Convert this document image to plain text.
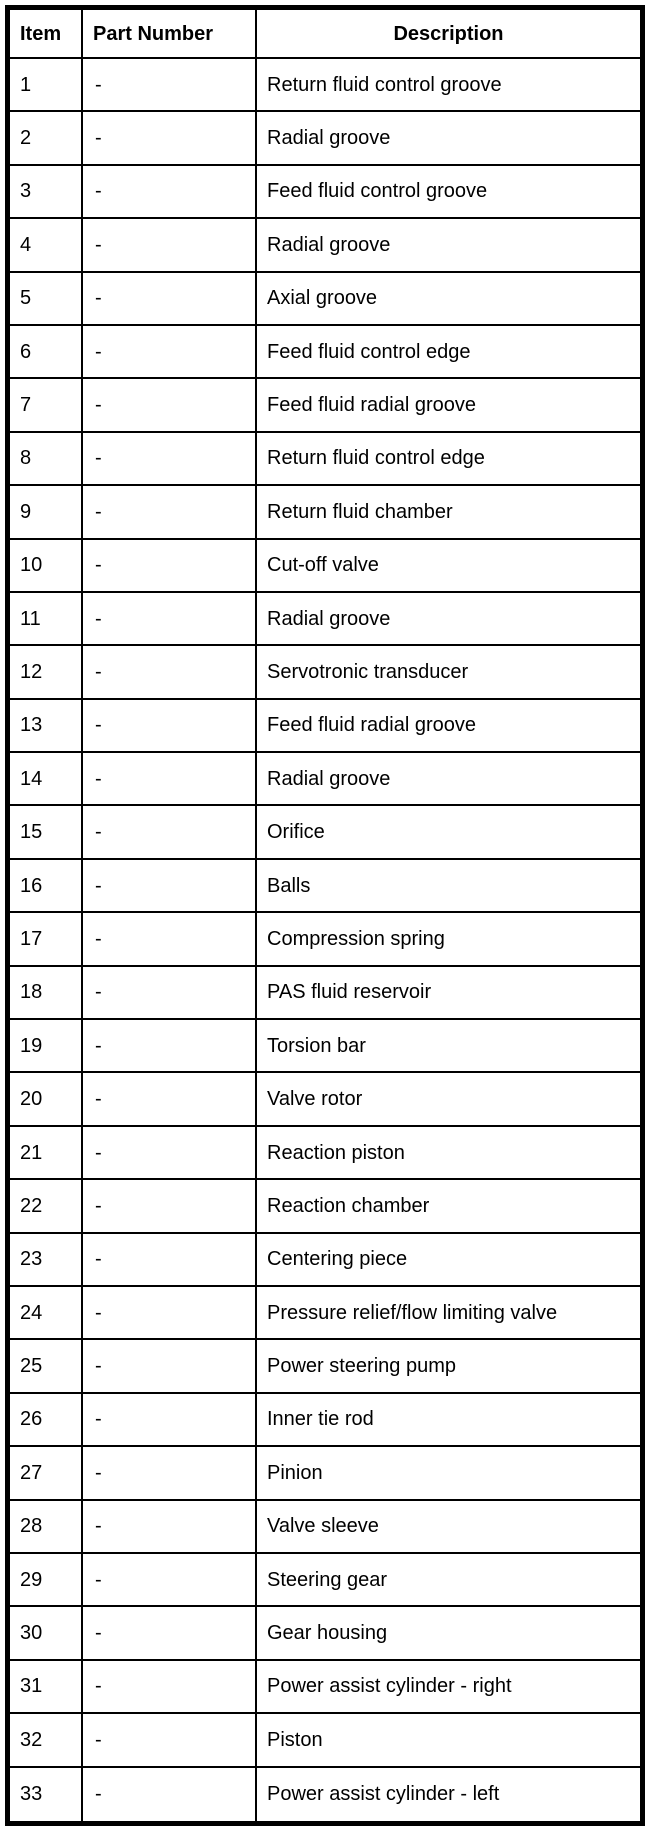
Item	Part Number	Description
1	-	Return fluid control groove
2	-	Radial groove
3	-	Feed fluid control groove
4	-	Radial groove
5	-	Axial groove
6	-	Feed fluid control edge
7	-	Feed fluid radial groove
8	-	Return fluid control edge
9	-	Return fluid chamber
10	-	Cut-off valve
11	-	Radial groove
12	-	Servotronic transducer
13	-	Feed fluid radial groove
14	-	Radial groove
15	-	Orifice
16	-	Balls
17	-	Compression spring
18	-	PAS fluid reservoir
19	-	Torsion bar
20	-	Valve rotor
21	-	Reaction piston
22	-	Reaction chamber
23	-	Centering piece
24	-	Pressure relief/flow limiting valve
25	-	Power steering pump
26	-	Inner tie rod
27	-	Pinion
28	-	Valve sleeve
29	-	Steering gear
30	-	Gear housing
31	-	Power assist cylinder - right
32	-	Piston
33	-	Power assist cylinder - left
